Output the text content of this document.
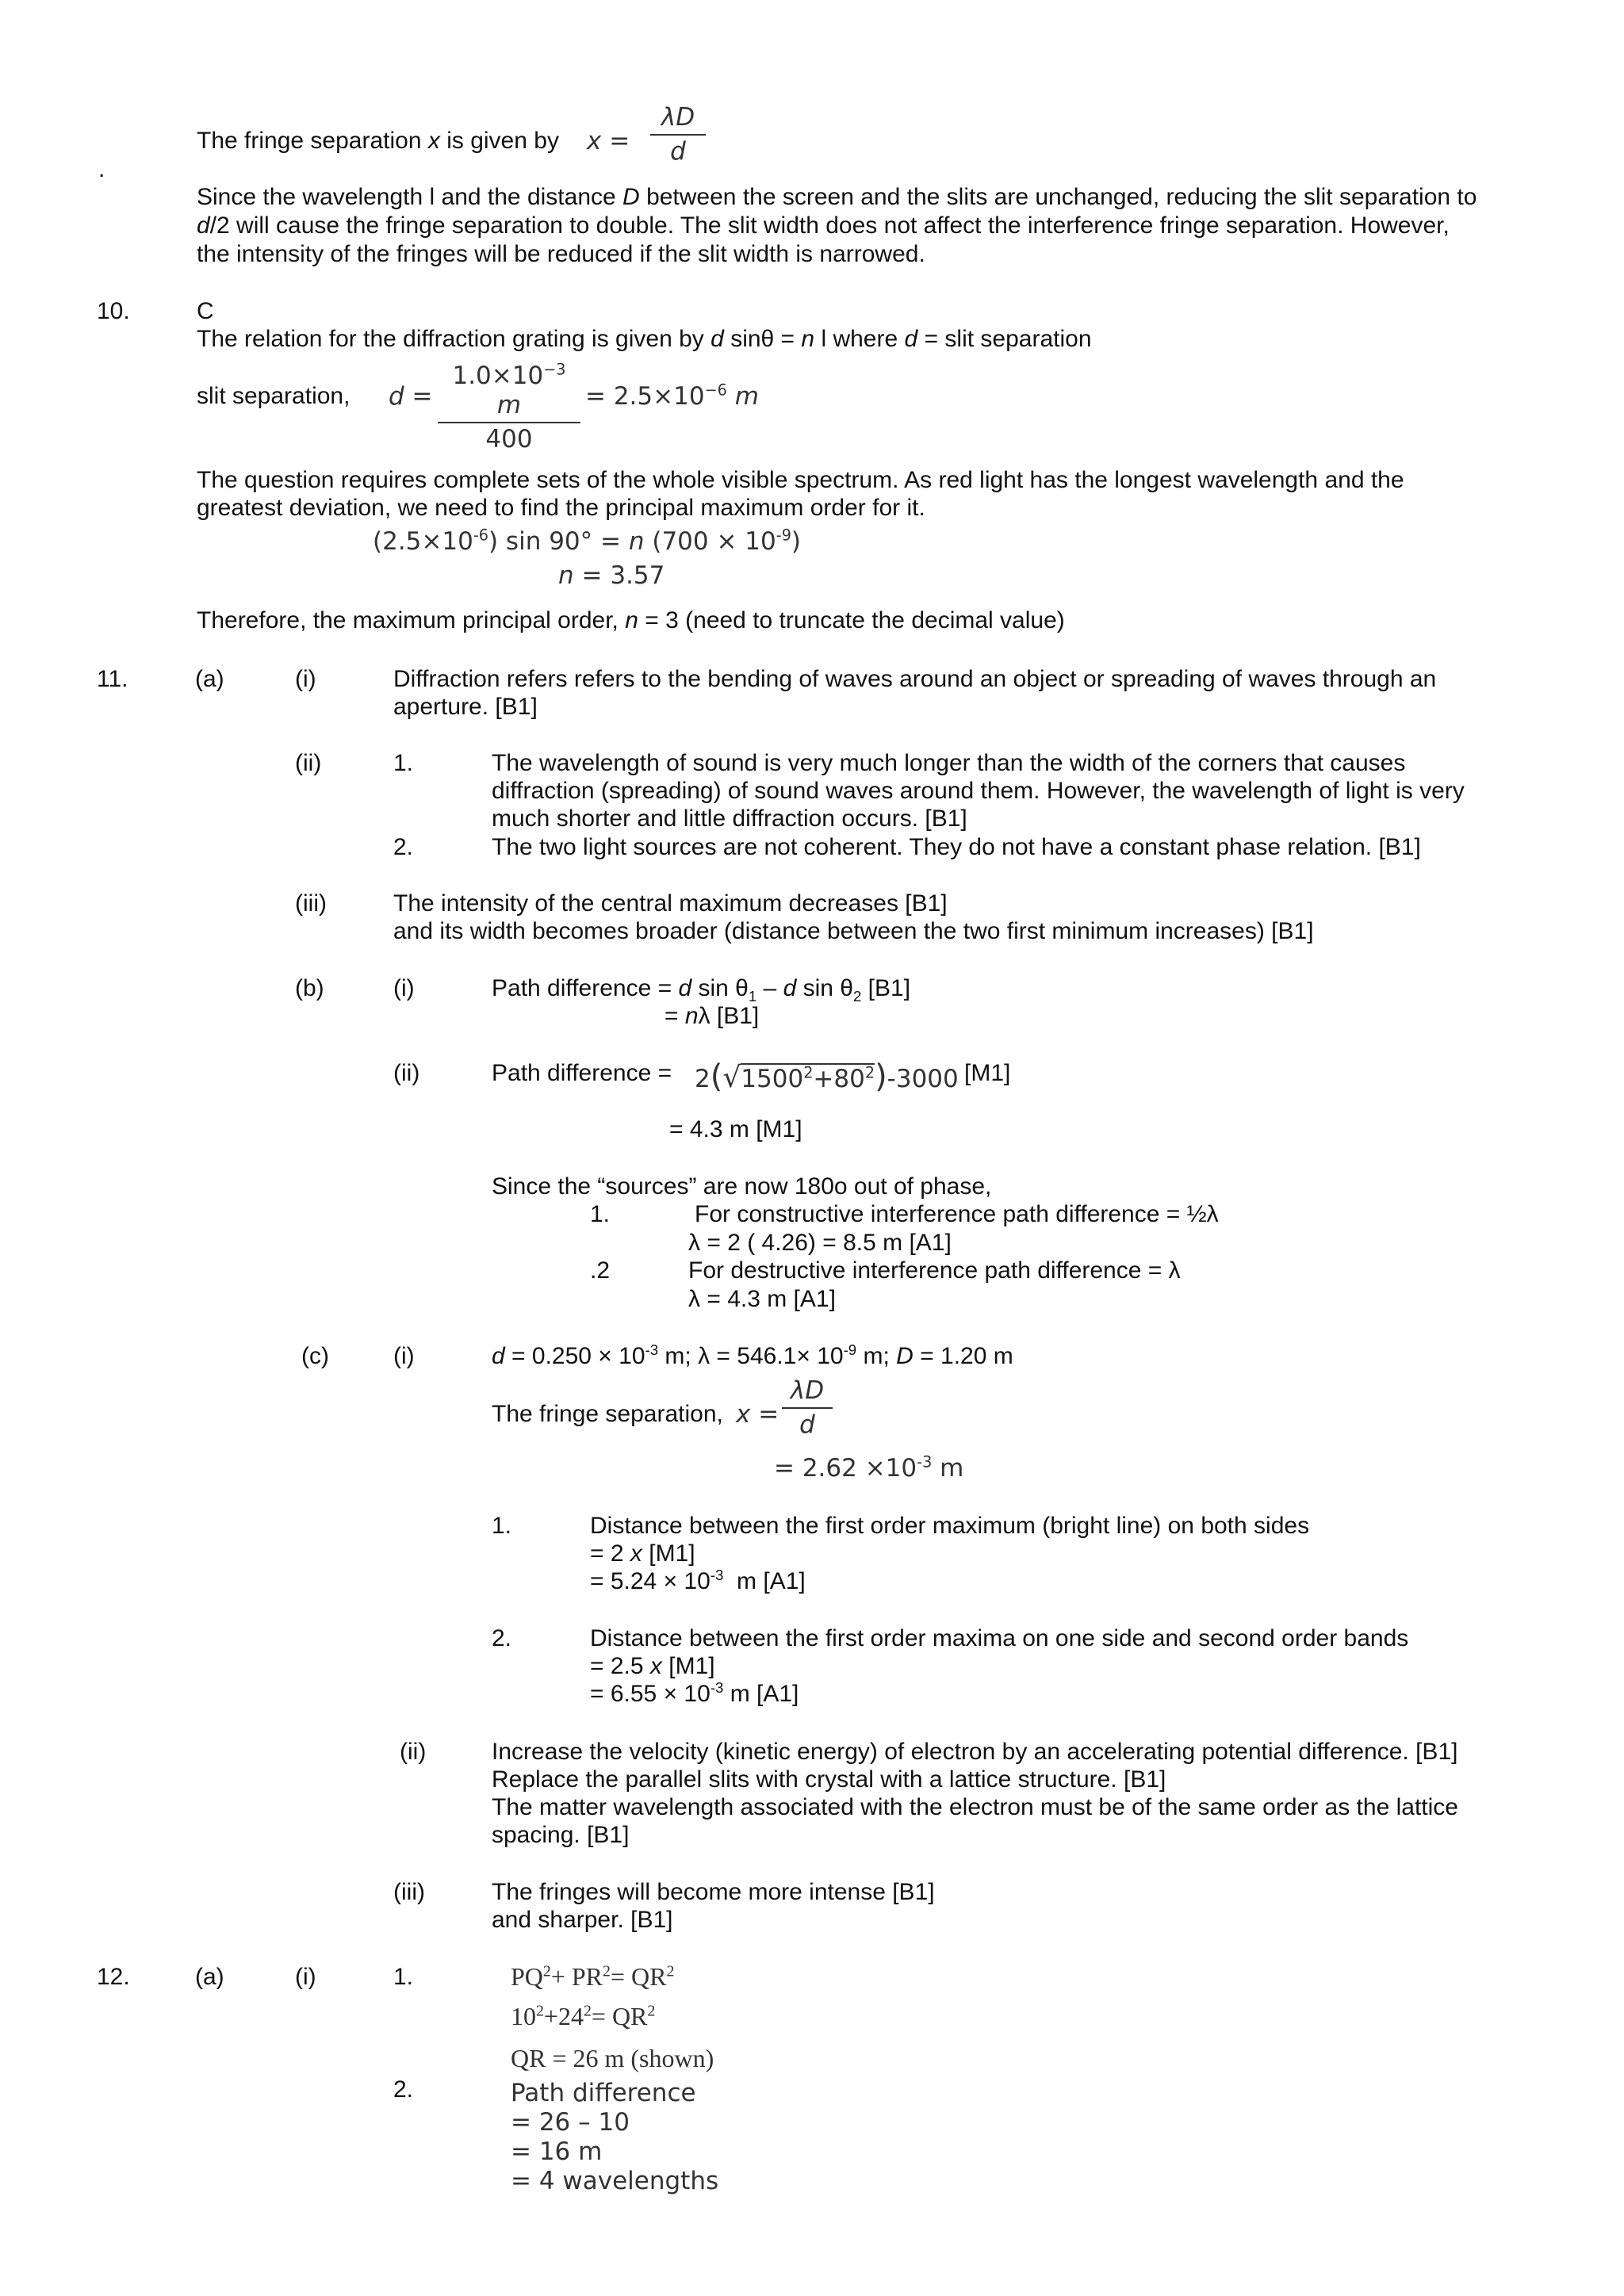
The fringe separation x is given by x =
λD
d
.
Since the wavelength l and the distance D between the screen and the slits are unchanged, reducing the slit separation to
d/2 will cause the fringe separation to double. The slit width does not affect the interference fringe separation. However,
the intensity of the fringes will be reduced if the slit width is narrowed.
10.	C
The relation for the diffraction grating is given by d sinθ = n l where d = slit separation
slit separation, d =
$1.0\times 10^{-3}$ m
400
= $2.5\times 10^{-6}$ m
The question requires complete sets of the whole visible spectrum. As red light has the longest wavelength and the
greatest deviation, we need to find the principal maximum order for it.
$(2.5\times 10^{-6})$ sin 90° = n $(700 \times 10^{-9})$
n = 3.57
Therefore, the maximum principal order, n = 3 (need to truncate the decimal value)
11.	(a)	(i)	Diffraction refers refers to the bending of waves around an object or spreading of waves through an
aperture. [B1]
(ii)	1.	The wavelength of sound is very much longer than the width of the corners that causes
diffraction (spreading) of sound waves around them. However, the wavelength of light is very
much shorter and little diffraction occurs. [B1]
2.	The two light sources are not coherent. They do not have a constant phase relation. [B1]
(iii)	The intensity of the central maximum decreases [B1]
and its width becomes broader (distance between the two first minimum increases) [B1]
(b)	(i)	Path difference = d $\sin \theta_1$ – d $\sin \theta_2$ [B1]
= nλ [B1]
(ii)	Path difference = $2(√1500^2+80^2)-3000$ [M1]
= 4.3 m [M1]
Since the “sources” are now 180o out of phase,
1.	For constructive interference path difference = ½λ
λ = 2 ( 4.26) = 8.5 m [A1]
.2	For destructive interference path difference = λ
λ = 4.3 m [A1]
(c)	(i)	$d = 0.250 \times 10^{-3}$ m; $\lambda = 546.1\times 10^{-9}$ m; D = 1.20 m
The fringe separation, x =
λD
d
= $2.62 \times 10^{-3}$ m
1.	Distance between the first order maximum (bright line) on both sides
= 2 x [M1]
= $5.24 \times 10^{-3}$ m [A1]
2.	Distance between the first order maxima on one side and second order bands
= 2.5 x [M1]
= $6.55 \times 10^{-3}$ m [A1]
(ii)	Increase the velocity (kinetic energy) of electron by an accelerating potential difference. [B1]
Replace the parallel slits with crystal with a lattice structure. [B1]
The matter wavelength associated with the electron must be of the same order as the lattice
spacing. [B1]
(iii)	The fringes will become more intense [B1]
and sharper. [B1]
12.	(a)	(i)	1.	$PQ^2+ PR^2= QR^2$
$10^2+24^2= QR^2$
QR = 26 m (shown)
2.	Path difference
= 26 – 10
= 16 m
= 4 wavelengths
